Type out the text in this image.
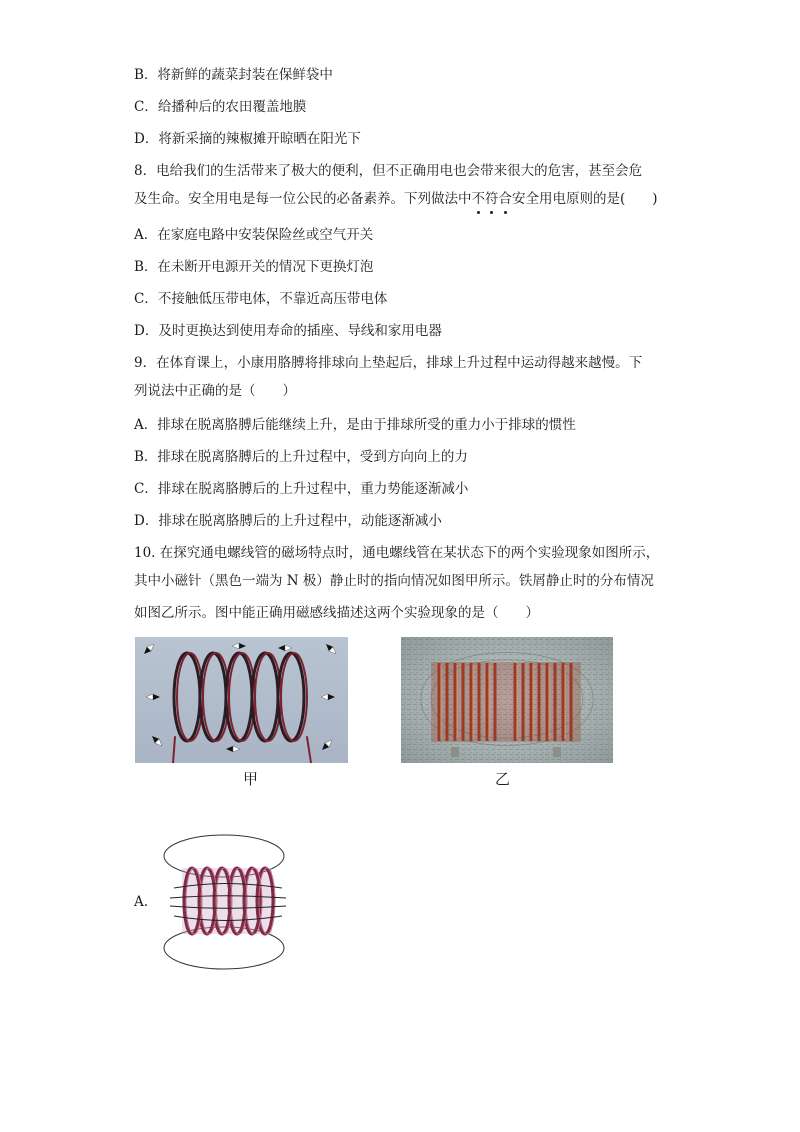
B．将新鲜的蔬菜封装在保鲜袋中
C．给播种后的农田覆盖地膜
D．将新采摘的辣椒摊开晾晒在阳光下
8．电给我们的生活带来了极大的便利，但不正确用电也会带来很大的危害，甚至会危
及生命。安全用电是每一位公民的必备素养。下列做法中不
符
合
安全用电原则的是(　　)
A．在家庭电路中安装保险丝或空气开关
B．在未断开电源开关的情况下更换灯泡
C．不接触低压带电体，不靠近高压带电体
D．及时更换达到使用寿命的插座、导线和家用电器
9．在体育课上，小康用胳膊将排球向上垫起后，排球上升过程中运动得越来越慢。下
列说法中正确的是（　　）
A．排球在脱离胳膊后能继续上升，是由于排球所受的重力小于排球的惯性
B．排球在脱离胳膊后的上升过程中，受到方向向上的力
C．排球在脱离胳膊后的上升过程中，重力势能逐渐减小
D．排球在脱离胳膊后的上升过程中，动能逐渐减小
10. 在探究通电螺线管的磁场特点时，通电螺线管在某状态下的两个实验现象如图所示，
其中小磁针（黑色一端为 N 极）静止时的指向情况如图甲所示。铁屑静止时的分布情况
如图乙所示。图中能正确用磁感线描述这两个实验现象的是（　　）
甲	乙
A.
